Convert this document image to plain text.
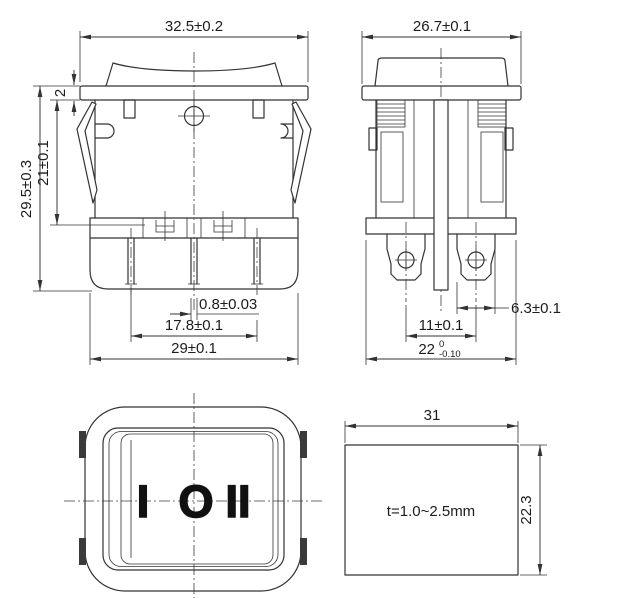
32.5±0.2
2
21±0.1
29.5±0.3
0.8±0.03
17.8±0.1
29±0.1
26.7±0.1
6.3±0.1
11±0.1
22 0
-0.10
I O II	t=1.0~2.5mm
31
22.3
